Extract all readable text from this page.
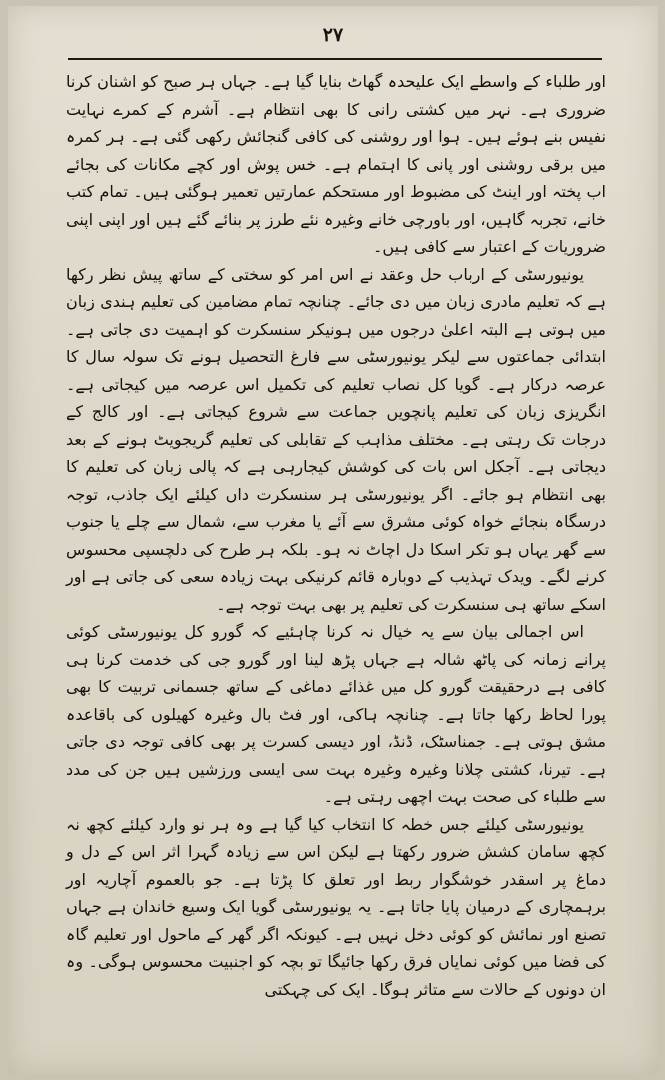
۲۷

اور طلباء کے واسطے ایک علیحدہ گھاٹ بنایا گیا ہے۔ جہاں ہر صبح کو اشنان کرنا ضروری ہے۔ نہر میں کشتی رانی کا بھی انتظام ہے۔ آشرم کے کمرے نہایت نفیس بنے ہوئے ہیں۔ ہوا اور روشنی کی کافی گنجائش رکھی گئی ہے۔ ہر کمرہ میں برقی روشنی اور پانی کا اہتمام ہے۔ خس پوش اور کچے مکانات کی بجائے اب پختہ اور اینٹ کی مضبوط اور مستحکم عمارتیں تعمیر ہوگئی ہیں۔ تمام کتب خانے، تجربہ گاہیں، اور باورچی خانے وغیرہ نئے طرز پر بنائے گئے ہیں اور اپنی اپنی ضروریات کے اعتبار سے کافی ہیں۔

یونیورسٹی کے ارباب حل وعقد نے اس امر کو سختی کے ساتھ پیش نظر رکھا ہے کہ تعلیم مادری زبان میں دی جائے۔ چنانچہ تمام مضامین کی تعلیم ہندی زبان میں ہوتی ہے البتہ اعلیٰ درجوں میں ہونیکر سنسکرت کو اہمیت دی جاتی ہے۔ ابتدائی جماعتوں سے لیکر یونیورسٹی سے فارغ التحصیل ہونے تک سولہ سال کا عرصہ درکار ہے۔ گویا کل نصاب تعلیم کی تکمیل اس عرصہ میں کیجاتی ہے۔ انگریزی زبان کی تعلیم پانچویں جماعت سے شروع کیجاتی ہے۔ اور کالج کے درجات تک رہتی ہے۔ مختلف مذاہب کے تقابلی کی تعلیم گریجویٹ ہونے کے بعد دیجاتی ہے۔ آجکل اس بات کی کوشش کیجارہی ہے کہ پالی زبان کی تعلیم کا بھی انتظام ہو جائے۔ اگر یونیورسٹی ہر سنسکرت داں کیلئے ایک جاذب، توجہ درسگاہ بنجائے خواہ کوئی مشرق سے آئے یا مغرب سے، شمال سے چلے یا جنوب سے گھر یہاں ہو تکر اسکا دل اچاٹ نہ ہو۔ بلکہ ہر طرح کی دلچسپی محسوس کرنے لگے۔ ویدک تہذیب کے دوبارہ قائم کرنیکی بہت زیادہ سعی کی جاتی ہے اور اسکے ساتھ ہی سنسکرت کی تعلیم پر بھی بہت توجہ ہے۔

اس اجمالی بیان سے یہ خیال نہ کرنا چاہئیے کہ گورو کل یونیورسٹی کوئی پرانے زمانہ کی پاٹھ شالہ ہے جہاں پڑھ لینا اور گورو جی کی خدمت کرنا ہی کافی ہے درحقیقت گورو کل میں غذائے دماغی کے ساتھ جسمانی تربیت کا بھی پورا لحاظ رکھا جاتا ہے۔ چنانچہ ہاکی، اور فٹ بال وغیرہ کھیلوں کی باقاعدہ مشق ہوتی ہے۔ جمناسٹک، ڈنڈ، اور دیسی کسرت پر بھی کافی توجہ دی جاتی ہے۔ تیرنا، کشتی چلانا وغیرہ وغیرہ بہت سی ایسی ورزشیں ہیں جن کی مدد سے طلباء کی صحت بہت اچھی رہتی ہے۔

یونیورسٹی کیلئے جس خطہ کا انتخاب کیا گیا ہے وہ ہر نو وارد کیلئے کچھ نہ کچھ سامان کشش ضرور رکھتا ہے لیکن اس سے زیادہ گہرا اثر اس کے دل و دماغ پر اسقدر خوشگوار ربط اور تعلق کا پڑتا ہے۔ جو بالعموم آچاریہ اور برہمچاری کے درمیان پایا جاتا ہے۔ یہ یونیورسٹی گویا ایک وسیع خاندان ہے جہاں تصنع اور نمائش کو کوئی دخل نہیں ہے۔ کیونکہ اگر گھر کے ماحول اور تعلیم گاہ کی فضا میں کوئی نمایاں فرق رکھا جائیگا تو بچہ کو اجنبیت محسوس ہوگی۔ وہ ان دونوں کے حالات سے متاثر ہوگا۔ ایک کی چہکتی
